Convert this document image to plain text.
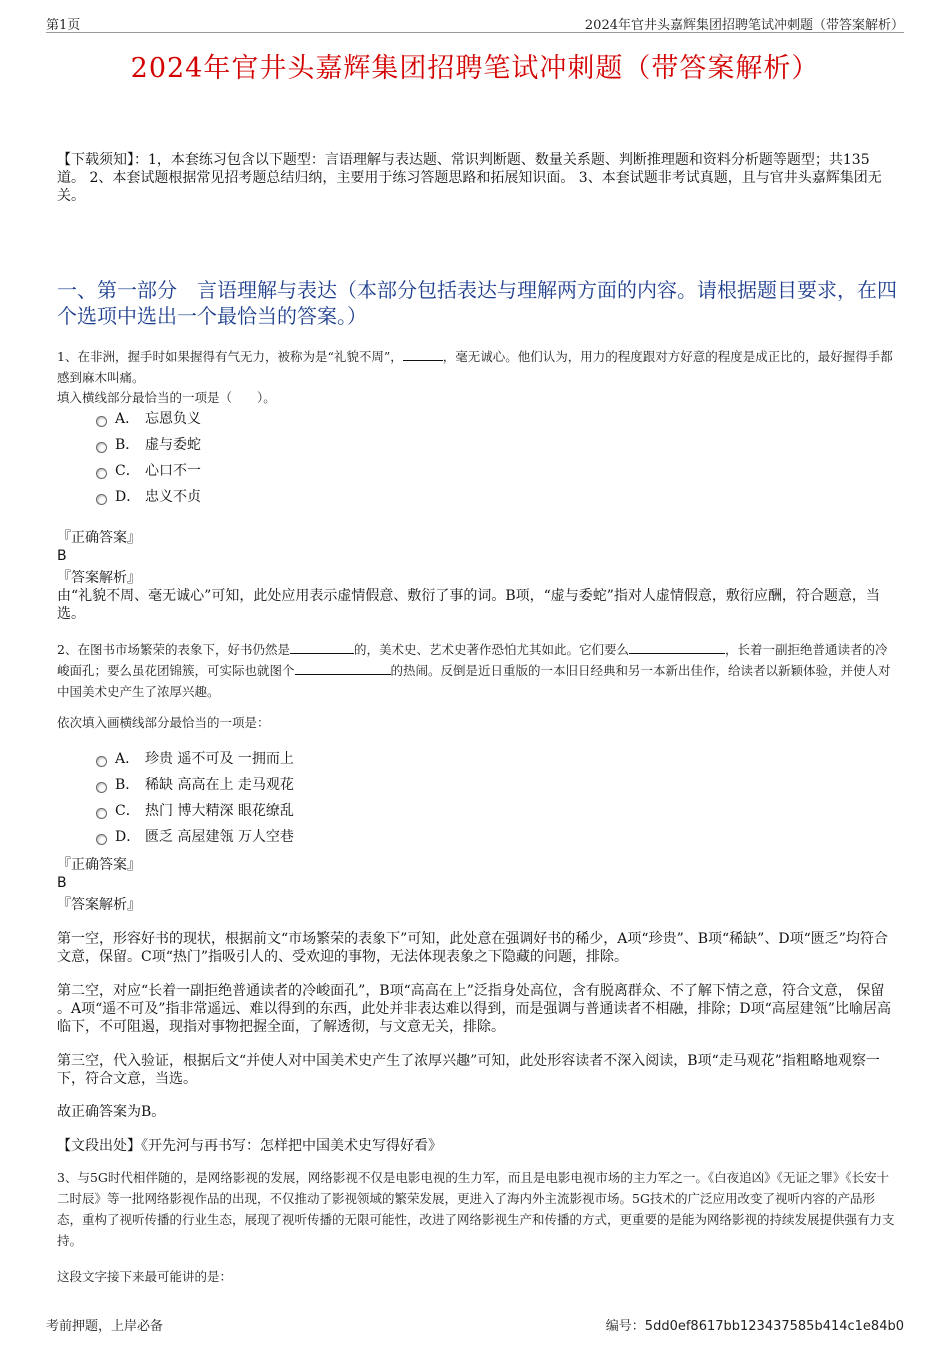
第1页	2024年官井头嘉辉集团招聘笔试冲刺题（带答案解析）
2024年官井头嘉辉集团招聘笔试冲刺题（带答案解析）
【下载须知】：1，本套练习包含以下题型：言语理解与表达题、常识判断题、数量关系题、判断推理题和资料分析题等题型；共135道。 2、本套试题根据常见招考题总结归纳，主要用于练习答题思路和拓展知识面。 3、本套试题非考试真题，且与官井头嘉辉集团无关。
一、第一部分　言语理解与表达（本部分包括表达与理解两方面的内容。请根据题目要求，在四个选项中选出一个最恰当的答案。）
1、在非洲，握手时如果握得有气无力，被称为是“礼貌不周”，	，毫无诚心。他们认为，用力的程度跟对方好意的程度是成正比的，最好握得手都感到麻木叫痛。
填入横线部分最恰当的一项是（　　）。
A． 忘恩负义
B． 虚与委蛇
C． 心口不一
D． 忠义不贞
『正确答案』
B
『答案解析』
由“礼貌不周、毫无诚心”可知，此处应用表示虚情假意、敷衍了事的词。B项，“虚与委蛇”指对人虚情假意，敷衍应酬，符合题意，当选。
2、在图书市场繁荣的表象下，好书仍然是	的，美术史、艺术史著作恐怕尤其如此。它们要么	，长着一副拒绝普通读者的冷峻面孔；要么虽花团锦簇，可实际也就图个	的热闹。反倒是近日重版的一本旧日经典和另一本新出佳作，给读者以新颖体验，并使人对中国美术史产生了浓厚兴趣。
依次填入画横线部分最恰当的一项是：
A． 珍贵 遥不可及 一拥而上
B． 稀缺 高高在上 走马观花
C． 热门 博大精深 眼花缭乱
D． 匮乏 高屋建瓴 万人空巷
『正确答案』
B
『答案解析』
第一空，形容好书的现状，根据前文“市场繁荣的表象下”可知，此处意在强调好书的稀少，A项“珍贵”、B项“稀缺”、D项“匮乏”均符合文意，保留。C项“热门”指吸引人的、受欢迎的事物，无法体现表象之下隐藏的问题，排除。
第二空，对应“长着一副拒绝普通读者的冷峻面孔”，B项“高高在上”泛指身处高位，含有脱离群众、不了解下情之意，符合文意， 保留 。A项“遥不可及”指非常遥远、难以得到的东西，此处并非表达难以得到，而是强调与普通读者不相融，排除；D项“高屋建瓴”比喻居高临下，不可阻遏，现指对事物把握全面，了解透彻，与文意无关，排除。
第三空，代入验证，根据后文“并使人对中国美术史产生了浓厚兴趣”可知，此处形容读者不深入阅读，B项“走马观花”指粗略地观察一下，符合文意，当选。
故正确答案为B。
【文段出处】《开先河与再书写：怎样把中国美术史写得好看》
3、与5G时代相伴随的，是网络影视的发展，网络影视不仅是电影电视的生力军，而且是电影电视市场的主力军之一。《白夜追凶》《无证之罪》《长安十二时辰》等一批网络影视作品的出现，不仅推动了影视领域的繁荣发展，更进入了海内外主流影视市场。5G技术的广泛应用改变了视听内容的产品形态，重构了视听传播的行业生态，展现了视听传播的无限可能性，改进了网络影视生产和传播的方式，更重要的是能为网络影视的持续发展提供强有力支持。
这段文字接下来最可能讲的是：
考前押题，上岸必备	编号：5dd0ef8617bb123437585b414c1e84b0
